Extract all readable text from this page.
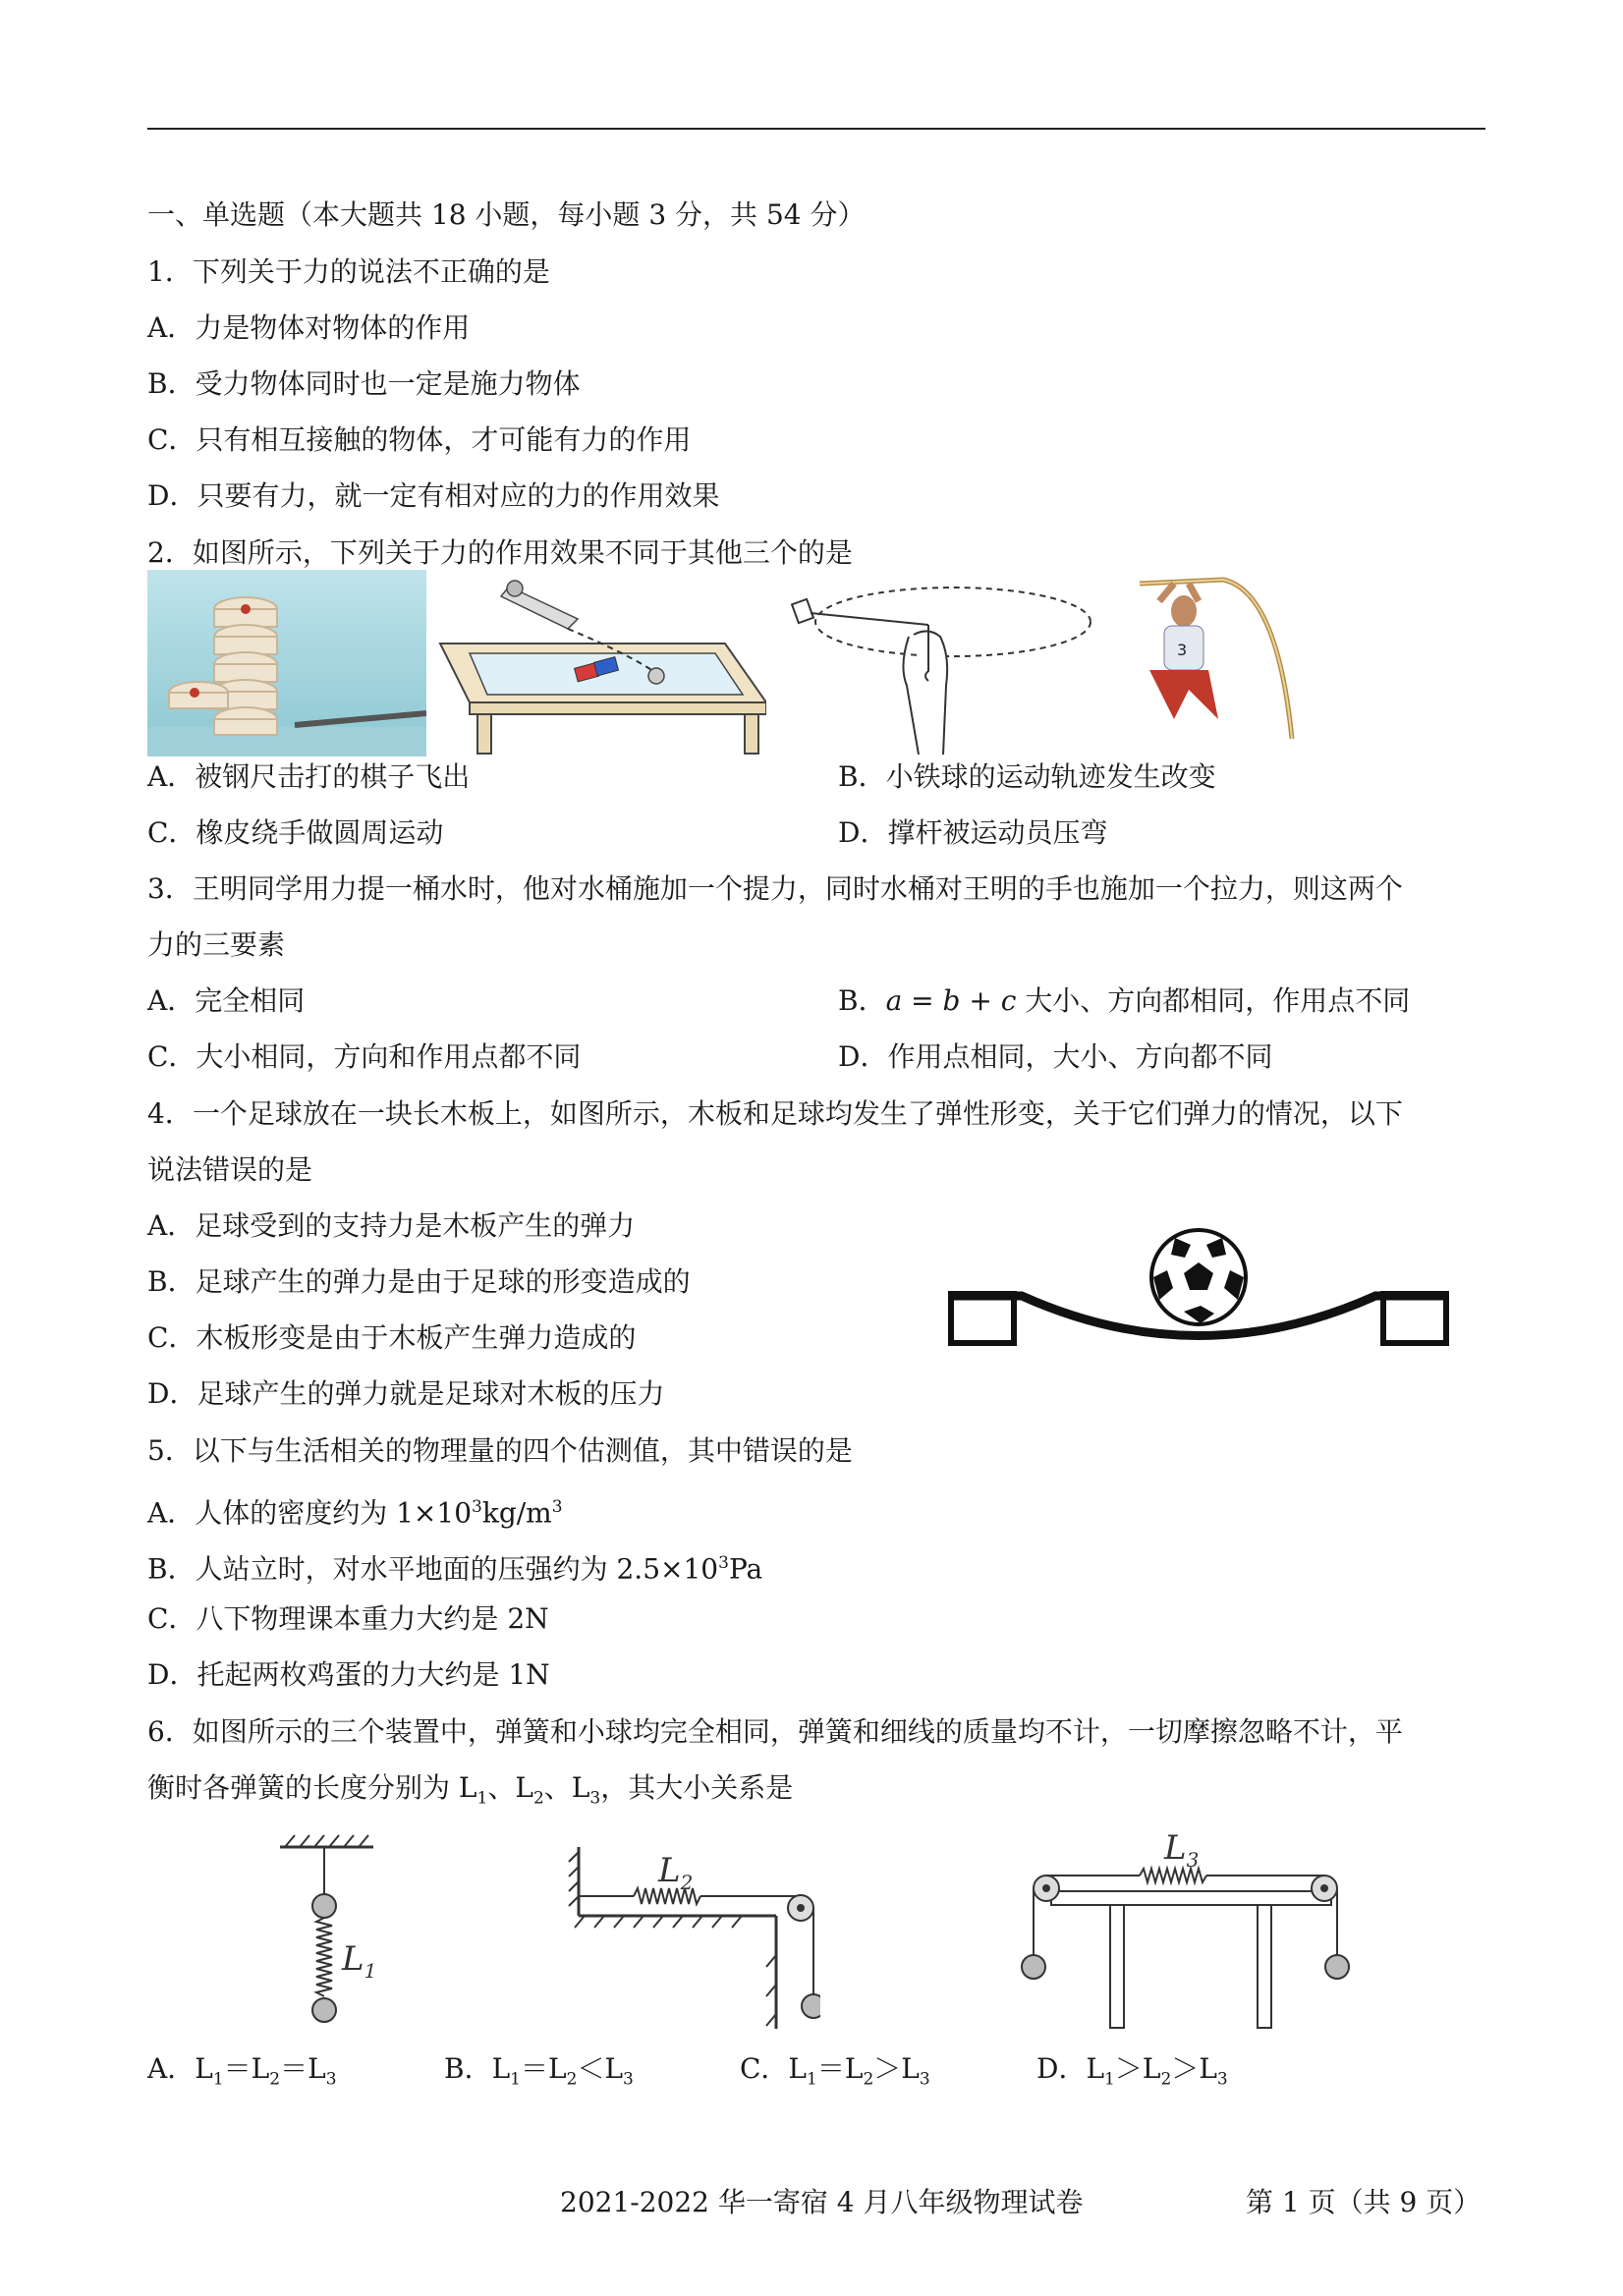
一、单选题（本大题共 18 小题，每小题 3 分，共 54 分）
1．下列关于力的说法不正确的是
A．力是物体对物体的作用
B．受力物体同时也一定是施力物体
C．只有相互接触的物体，才可能有力的作用
D．只要有力，就一定有相对应的力的作用效果
2．如图所示，下列关于力的作用效果不同于其他三个的是
3
A．被钢尺击打的棋子飞出	B．小铁球的运动轨迹发生改变
C．橡皮绕手做圆周运动	D．撑杆被运动员压弯
3．王明同学用力提一桶水时，他对水桶施加一个提力，同时水桶对王明的手也施加一个拉力，则这两个
力的三要素
A．完全相同	B．a = b + c 大小、方向都相同，作用点不同
C．大小相同，方向和作用点都不同	D．作用点相同，大小、方向都不同
4．一个足球放在一块长木板上，如图所示，木板和足球均发生了弹性形变，关于它们弹力的情况，以下
说法错误的是
A．足球受到的支持力是木板产生的弹力
B．足球产生的弹力是由于足球的形变造成的
C．木板形变是由于木板产生弹力造成的
D．足球产生的弹力就是足球对木板的压力
5．以下与生活相关的物理量的四个估测值，其中错误的是
A．人体的密度约为 $1\times 10^3kg/m^3$
B．人站立时，对水平地面的压强约为 $2.5\times 10^3Pa$
C．八下物理课本重力大约是 2N
D．托起两枚鸡蛋的力大约是 1N
6．如图所示的三个装置中，弹簧和小球均完全相同，弹簧和细线的质量均不计，一切摩擦忽略不计，平
衡时各弹簧的长度分别为 $L_1$、$L_2$、$L_3$，其大小关系是
$L_1$
$L_2$
$L_3$
A．$L_1=L_2=L_3$	B．$L_1=L_2<L_3$	C．$L_1=L_2>L_3$	D．$L_1>L_2>L_3$
2021-2022 华一寄宿 4 月八年级物理试卷	第 1 页（共 9 页）
